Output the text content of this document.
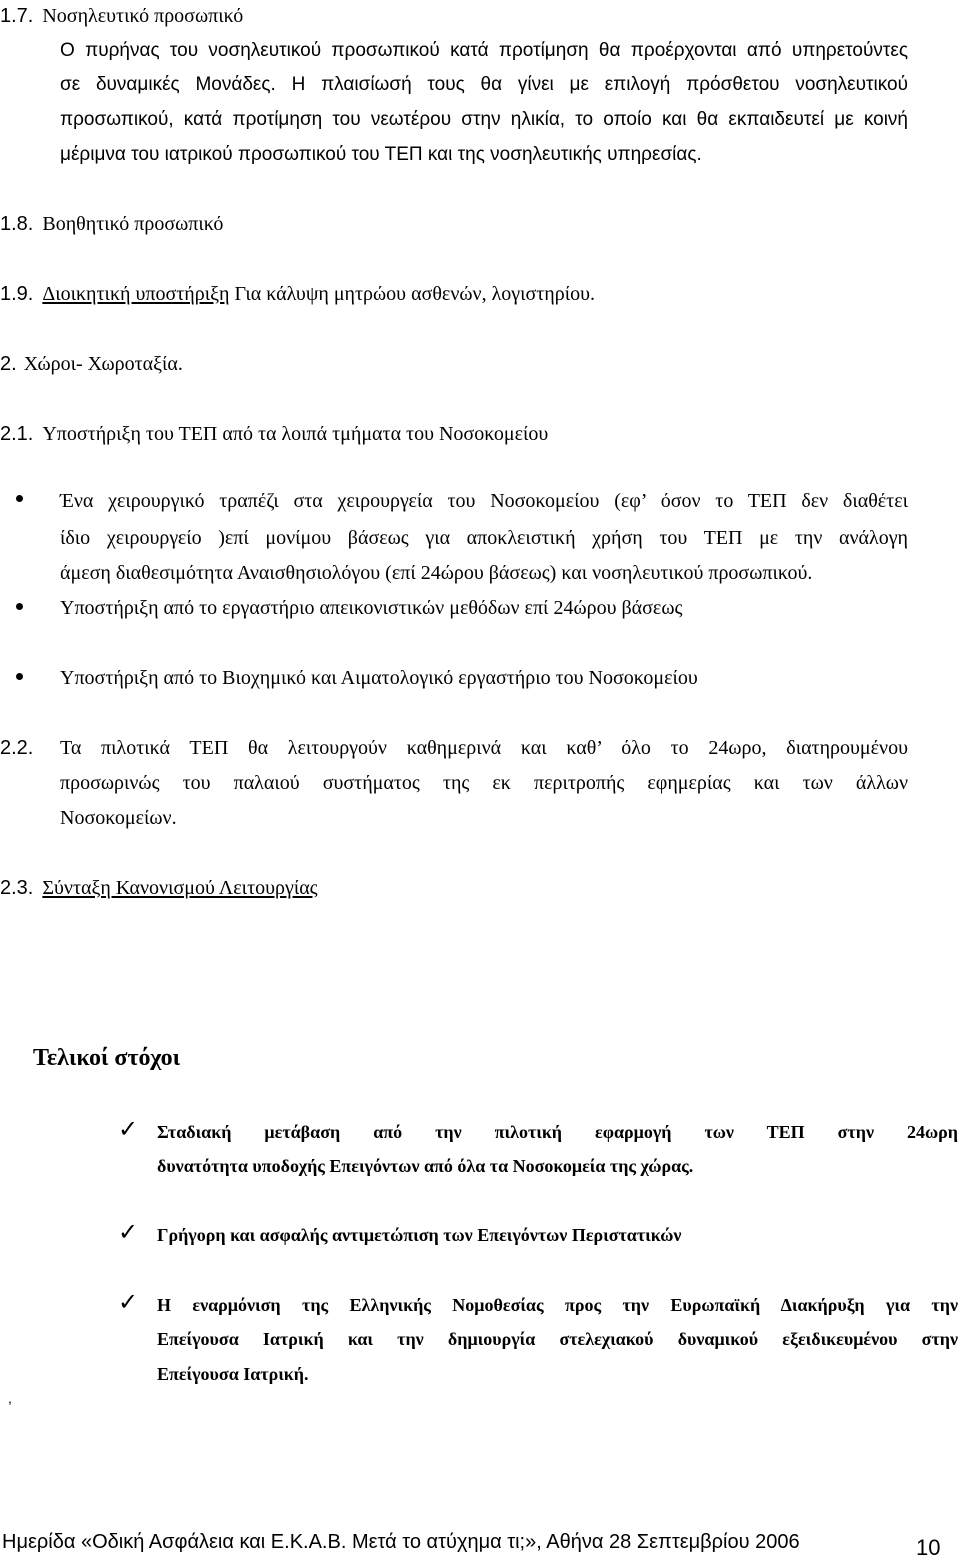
1.7. Νοσηλευτικό προσωπικό
Ο πυρήνας του νοσηλευτικού προσωπικού κατά προτίμηση θα προέρχονται από υπηρετούντες
σε δυναμικές Μονάδες. Η πλαισίωσή τους θα γίνει με επιλογή πρόσθετου νοσηλευτικού
προσωπικού, κατά προτίμηση του νεωτέρου στην ηλικία, το οποίο και θα εκπαιδευτεί με κοινή
μέριμνα του ιατρικού προσωπικού του ΤΕΠ και της νοσηλευτικής υπηρεσίας.
1.8. Βοηθητικό προσωπικό
1.9. Διοικητική υποστήριξη Για κάλυψη μητρώου ασθενών, λογιστηρίου.
2. Χώροι- Χωροταξία.
2.1. Υποστήριξη του ΤΕΠ από τα λοιπά τμήματα του Νοσοκομείου
Ένα χειρουργικό τραπέζι στα χειρουργεία του Νοσοκομείου (εφ’ όσον το ΤΕΠ δεν διαθέτει
ίδιο χειρουργείο )επί μονίμου βάσεως για αποκλειστική χρήση του ΤΕΠ με την ανάλογη
άμεση διαθεσιμότητα Αναισθησιολόγου (επί 24ώρου βάσεως) και νοσηλευτικού προσωπικού.
Υποστήριξη από το εργαστήριο απεικονιστικών μεθόδων επί 24ώρου βάσεως
Υποστήριξη από το Βιοχημικό και Αιματολογικό εργαστήριο του Νοσοκομείου
2.2. Τα πιλοτικά ΤΕΠ θα λειτουργούν καθημερινά και καθ’ όλο το 24ωρο, διατηρουμένου
προσωρινώς του παλαιού συστήματος της εκ περιτροπής εφημερίας και των άλλων
Νοσοκομείων.
2.3. Σύνταξη Κανονισμού Λειτουργίας
Τελικοί στόχοι
✓ Σταδιακή μετάβαση από την πιλοτική εφαρμογή των ΤΕΠ στην 24ωρη
δυνατότητα υποδοχής Επειγόντων από όλα τα Νοσοκομεία της χώρας.
✓ Γρήγορη και ασφαλής αντιμετώπιση των Επειγόντων Περιστατικών
✓ Η εναρμόνιση της Ελληνικής Νομοθεσίας προς την Ευρωπαϊκή Διακήρυξη για την
Επείγουσα Ιατρική και την δημιουργία στελεχιακού δυναμικού εξειδικευμένου στην
Επείγουσα Ιατρική.
,
Ημερίδα «Οδική Ασφάλεια και Ε.Κ.Α.Β. Μετά το ατύχημα τι;», Αθήνα 28 Σεπτεμβρίου 2006	10
